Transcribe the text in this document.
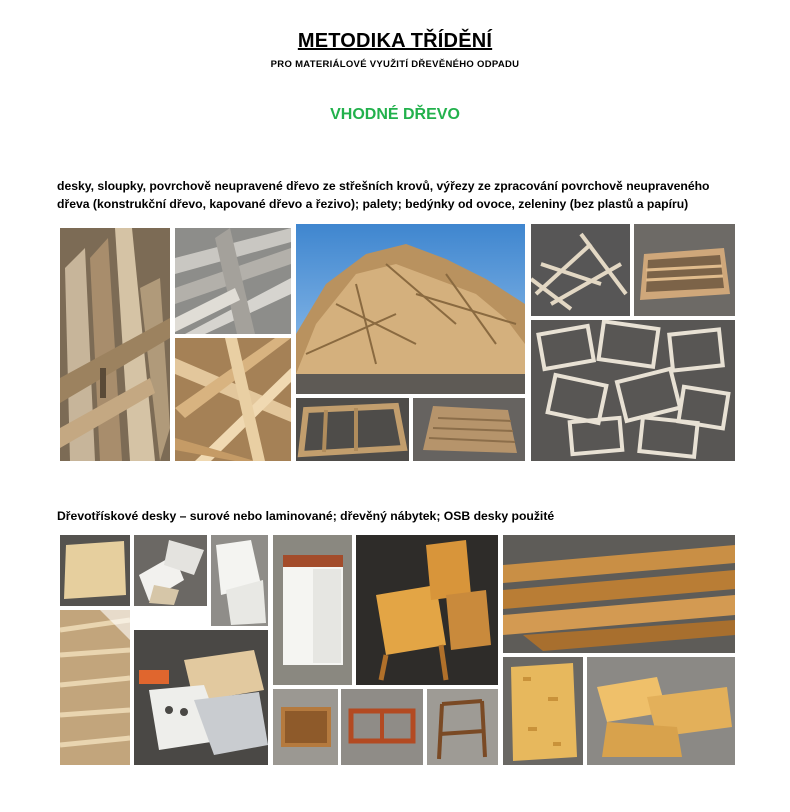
METODIKA TŘÍDĚNÍ
PRO MATERIÁLOVÉ VYUŽITÍ DŘEVĚNÉHO ODPADU
VHODNÉ DŘEVO
desky, sloupky, povrchově neupravené dřevo ze střešních krovů, výřezy ze zpracování povrchově neupraveného
dřeva (konstrukční dřevo, kapované dřevo a řezivo); palety; bedýnky od ovoce, zeleniny (bez plastů a papíru)
Dřevotřískové desky – surové nebo laminované; dřevěný nábytek; OSB desky použité
